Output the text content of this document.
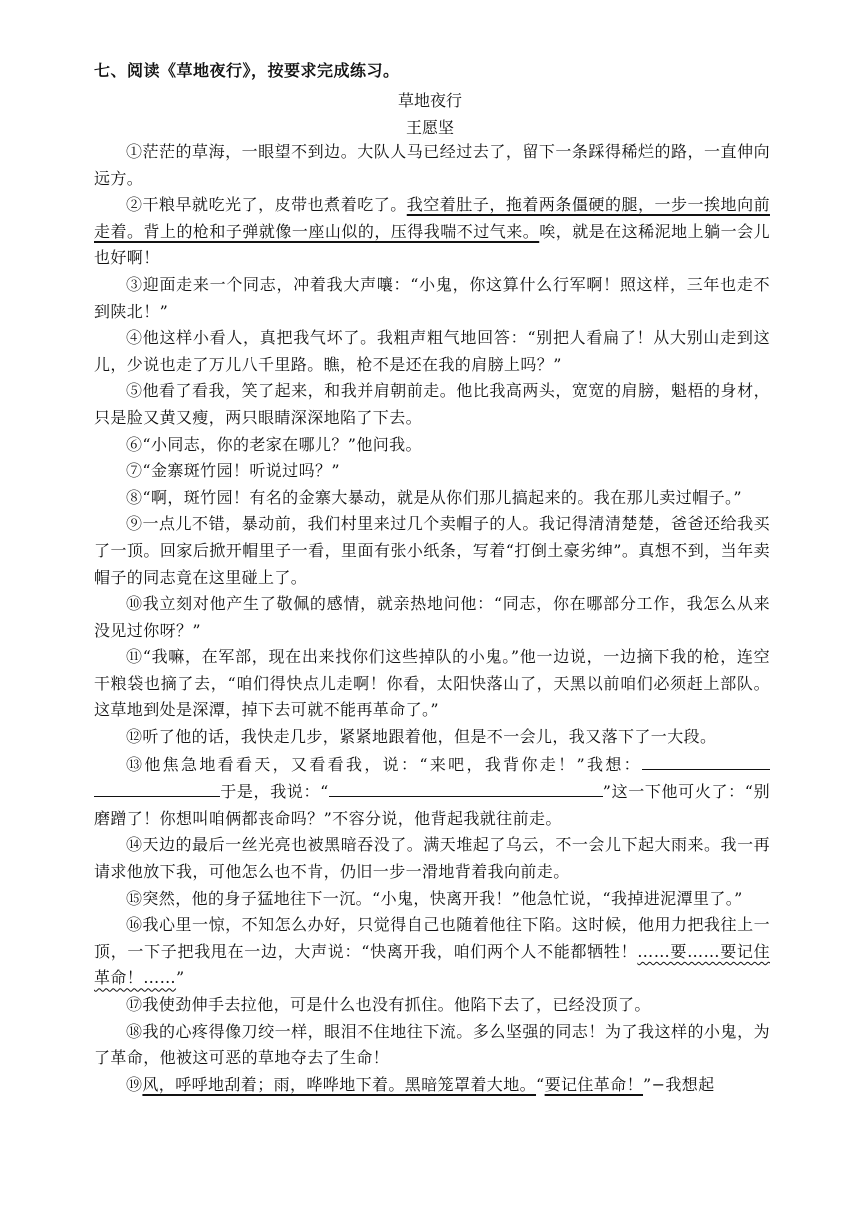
七、阅读《草地夜行》，按要求完成练习。
草地夜行
王愿坚

①茫茫的草海，一眼望不到边。大队人马已经过去了，留下一条踩得稀烂的路，一直伸向远方。

②干粮早就吃光了，皮带也煮着吃了。我空着肚子，拖着两条僵硬的腿，一步一挨地向前走着。背上的枪和子弹就像一座山似的，压得我喘不过气来。唉，就是在这稀泥地上躺一会儿也好啊！

③迎面走来一个同志，冲着我大声嚷：“小鬼，你这算什么行军啊！照这样，三年也走不到陕北！”

④他这样小看人，真把我气坏了。我粗声粗气地回答：“别把人看扁了！从大别山走到这儿，少说也走了万儿八千里路。瞧，枪不是还在我的肩膀上吗？”

⑤他看了看我，笑了起来，和我并肩朝前走。他比我高两头，宽宽的肩膀，魁梧的身材，只是脸又黄又瘦，两只眼睛深深地陷了下去。

⑥“小同志，你的老家在哪儿？”他问我。

⑦“金寨斑竹园！听说过吗？”

⑧“啊，斑竹园！有名的金寨大暴动，就是从你们那儿搞起来的。我在那儿卖过帽子。”

⑨一点儿不错，暴动前，我们村里来过几个卖帽子的人。我记得清清楚楚，爸爸还给我买了一顶。回家后掀开帽里子一看，里面有张小纸条，写着“打倒土豪劣绅”。真想不到，当年卖帽子的同志竟在这里碰上了。

⑩我立刻对他产生了敬佩的感情，就亲热地问他：“同志，你在哪部分工作，我怎么从来没见过你呀？”

⑪“我嘛，在军部，现在出来找你们这些掉队的小鬼。”他一边说，一边摘下我的枪，连空干粮袋也摘了去，“咱们得快点儿走啊！你看，太阳快落山了，天黑以前咱们必须赶上部队。这草地到处是深潭，掉下去可就不能再革命了。”

⑫听了他的话，我快走几步，紧紧地跟着他，但是不一会儿，我又落下了一大段。

⑬他焦急地看看天，又看看我，说：“来吧，我背你走！”我想：于是，我说：“	”这一下他可火了：“别磨蹭了！你想叫咱俩都丧命吗？”不容分说，他背起我就往前走。

⑭天边的最后一丝光亮也被黑暗吞没了。满天堆起了乌云，不一会儿下起大雨来。我一再请求他放下我，可他怎么也不肯，仍旧一步一滑地背着我向前走。

⑮突然，他的身子猛地往下一沉。“小鬼，快离开我！”他急忙说，“我掉进泥潭里了。”

⑯我心里一惊，不知怎么办好，只觉得自己也随着他往下陷。这时候，他用力把我往上一顶，一下子把我甩在一边，大声说：“快离开我，咱们两个人不能都牺牲！……要……要记住革命！……”

⑰我使劲伸手去拉他，可是什么也没有抓住。他陷下去了，已经没顶了。

⑱我的心疼得像刀绞一样，眼泪不住地往下流。多么坚强的同志！为了我这样的小鬼，为了革命，他被这可恶的草地夺去了生命！

⑲风，呼呼地刮着；雨，哗哗地下着。黑暗笼罩着大地。“要记住革命！”−我想起
